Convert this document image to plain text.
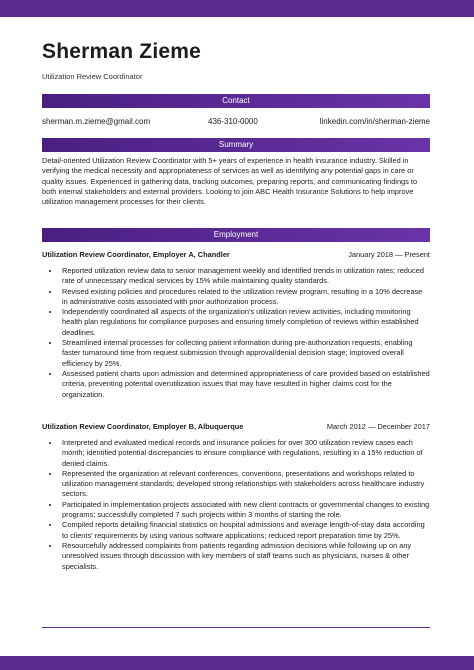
Sherman Zieme
Utilization Review Coordinator
Contact
sherman.m.zieme@gmail.com	436-310-0000	linkedin.com/in/sherman-zieme
Summary

Detail-oriented Utilization Review Coordinator with 5+ years of experience in health insurance industry. Skilled in verifying the medical necessity and appropriateness of services as well as identifying any potential gaps in care or quality issues. Experienced in gathering data, tracking outcomes, preparing reports, and communicating findings to both internal stakeholders and external providers. Looking to join ABC Health Insurance Solutions to help improve utilization management processes for their clients.

Employment
Utilization Review Coordinator, Employer A, Chandler	January 2018 — Present
• Reported utilization review data to senior management weekly and identified trends in utilization rates; reduced rate of unnecessary medical services by 15% while maintaining quality standards.
• Revised existing policies and procedures related to the utilization review program, resulting in a 10% decrease in administrative costs associated with prior authorization process.
• Independently coordinated all aspects of the organization's utilization review activities, including monitoring health plan regulations for compliance purposes and ensuring timely completion of reviews within established deadlines.
• Streamlined internal processes for collecting patient information during pre-authorization requests, enabling faster turnaround time from request submission through approval/denial decision stage; improved overall efficiency by 25%.
• Assessed patient charts upon admission and determined appropriateness of care provided based on established criteria, preventing potential overutilization issues that may have resulted in higher claims cost for the organization.
Utilization Review Coordinator, Employer B, Albuquerque	March 2012 — December 2017
• Interpreted and evaluated medical records and insurance policies for over 300 utilization review cases each month; identified potential discrepancies to ensure compliance with regulations, resulting in a 15% reduction of denied claims.
• Represented the organization at relevant conferences, conventions, presentations and workshops related to utilization management standards; developed strong relationships with stakeholders across healthcare industry sectors.
• Participated in implementation projects associated with new client contracts or governmental changes to existing programs; successfully completed 7 such projects within 3 months of starting the role.
• Compiled reports detailing financial statistics on hospital admissions and average length-of-stay data according to clients' requirements by using various software applications; reduced report preparation time by 25%.
• Resourcefully addressed complaints from patients regarding admission decisions while following up on any unresolved issues through discussion with key members of staff teams such as physicians, nurses & other specialists.
